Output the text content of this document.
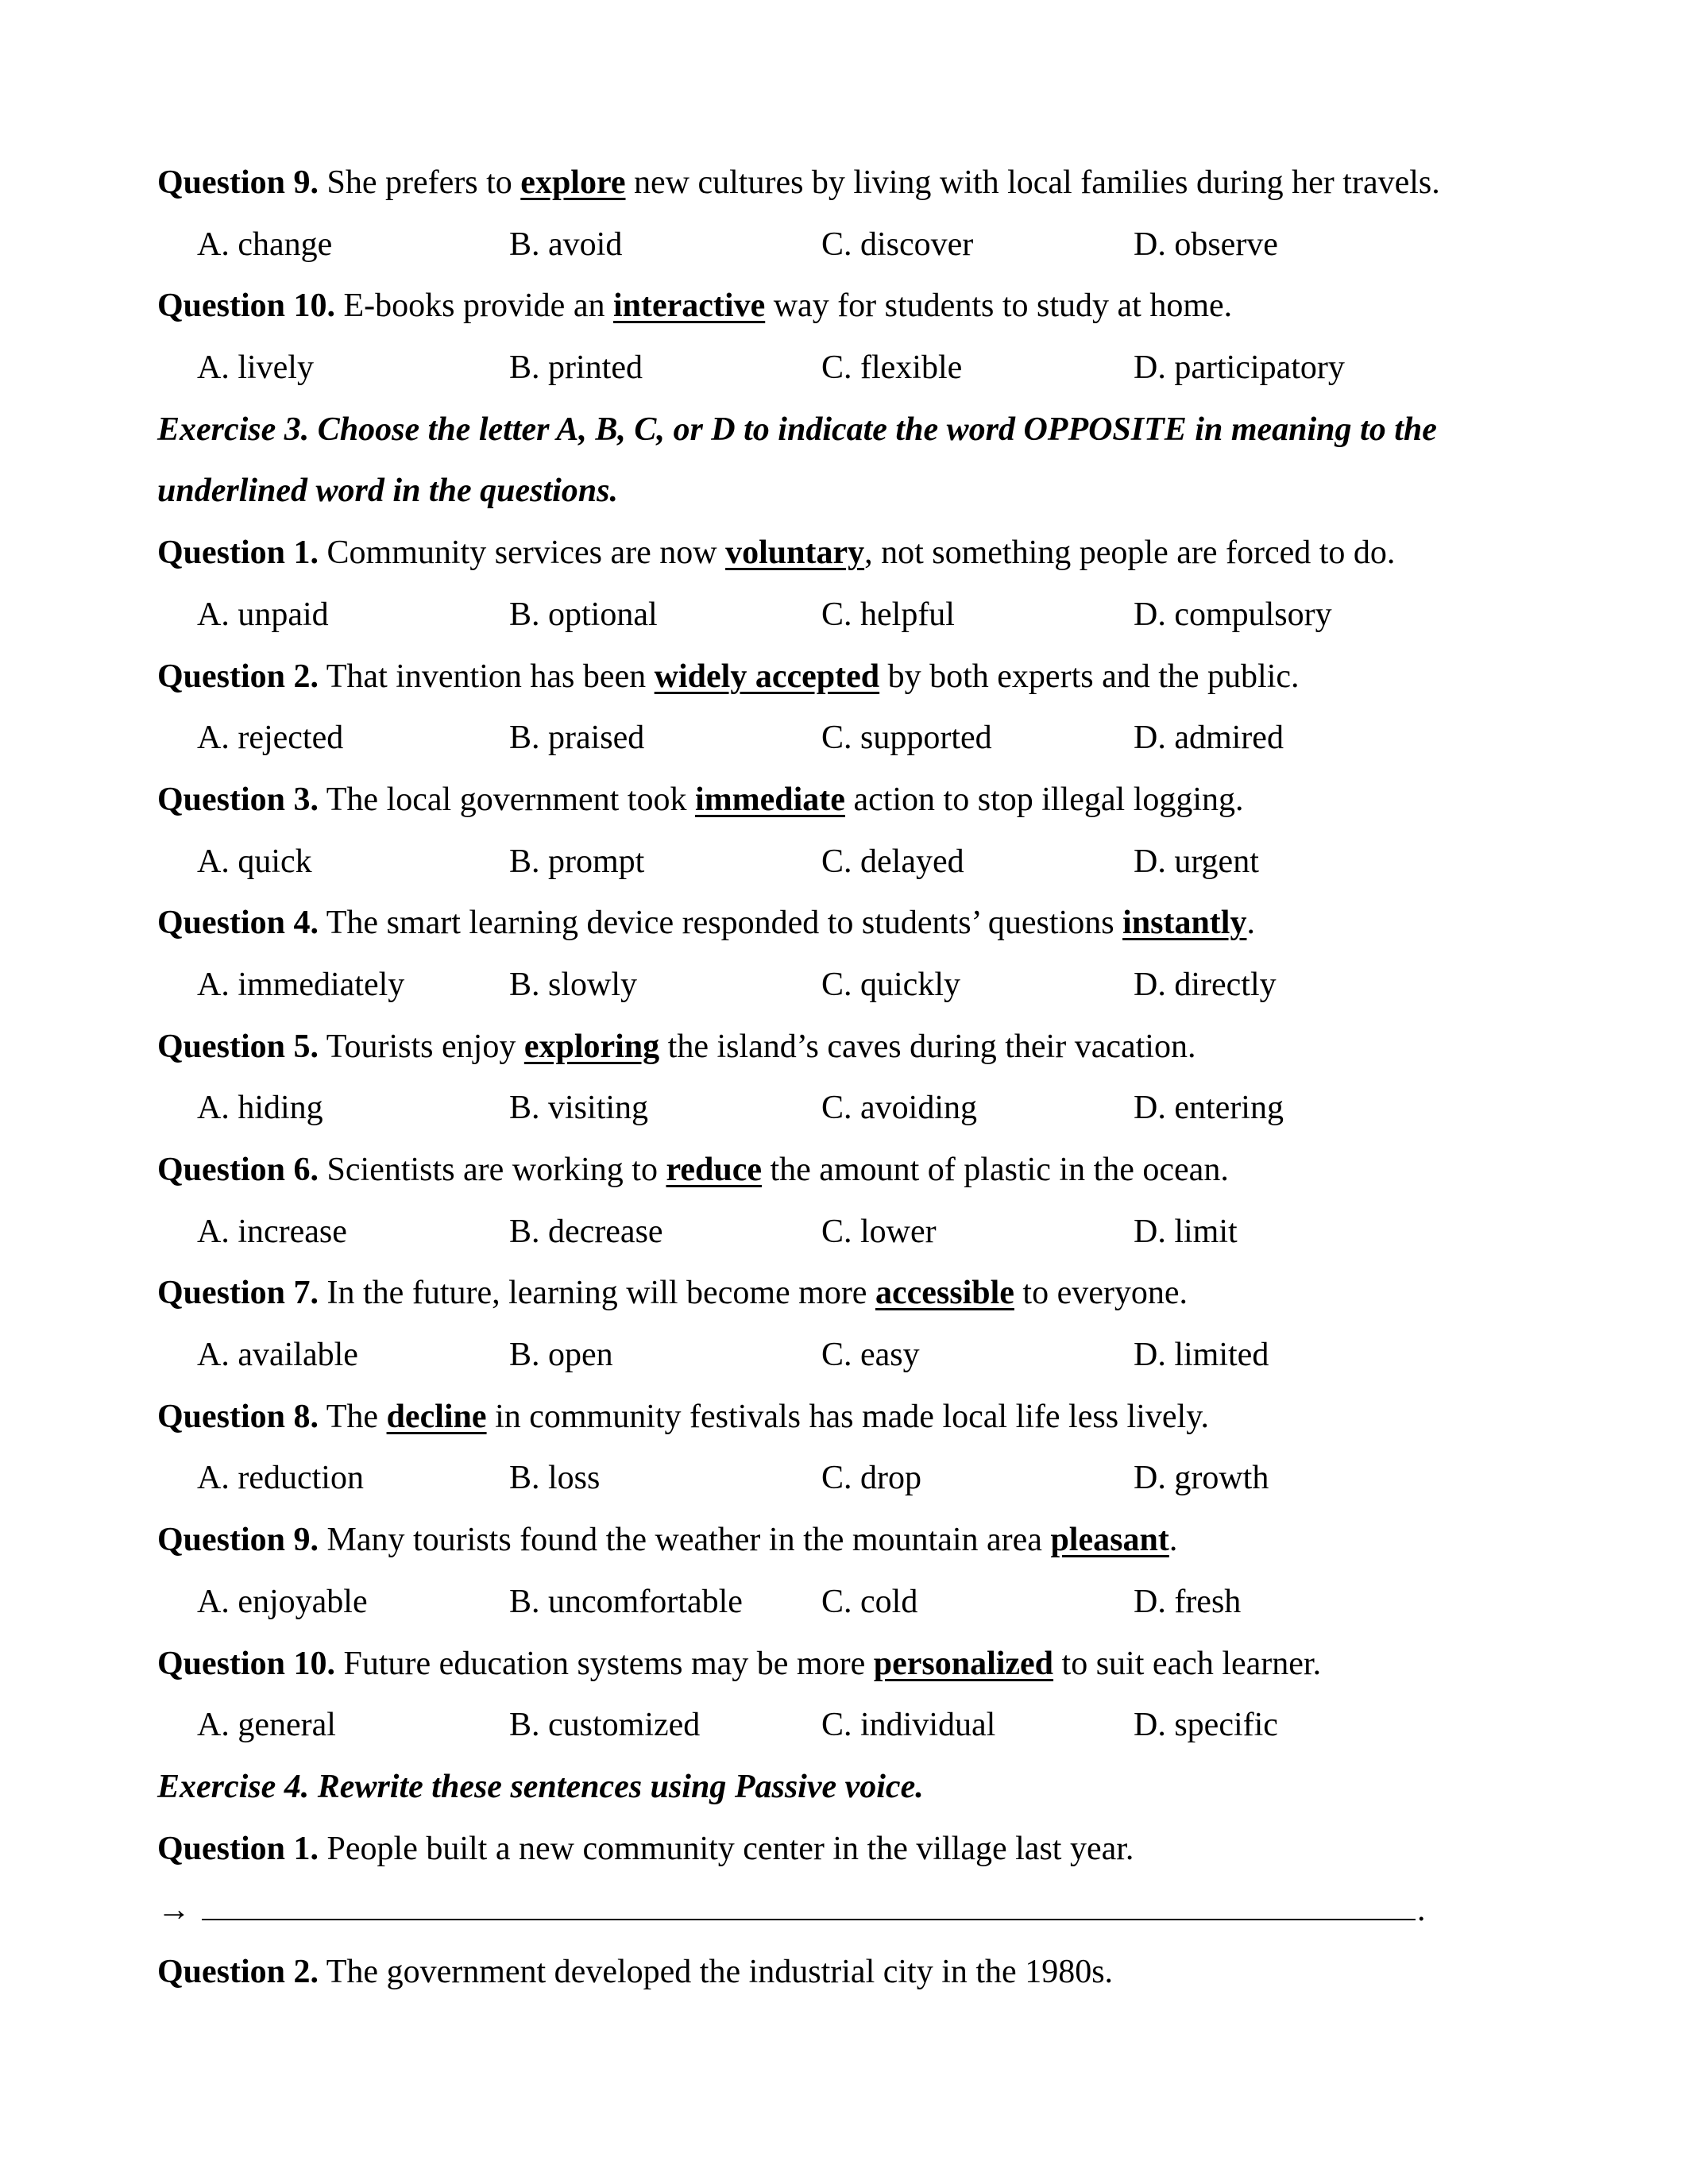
Question 9. She prefers to explore new cultures by living with local families during her travels.
A. change	B. avoid	C. discover	D. observe
Question 10. E-books provide an interactive way for students to study at home.
A. lively	B. printed	C. flexible	D. participatory
Exercise 3. Choose the letter A, B, C, or D to indicate the word OPPOSITE in meaning to the
underlined word in the questions.
Question 1. Community services are now voluntary, not something people are forced to do.
A. unpaid	B. optional	C. helpful	D. compulsory
Question 2. That invention has been widely accepted by both experts and the public.
A. rejected	B. praised	C. supported	D. admired
Question 3. The local government took immediate action to stop illegal logging.
A. quick	B. prompt	C. delayed	D. urgent
Question 4. The smart learning device responded to students’ questions instantly.
A. immediately	B. slowly	C. quickly	D. directly
Question 5. Tourists enjoy exploring the island’s caves during their vacation.
A. hiding	B. visiting	C. avoiding	D. entering
Question 6. Scientists are working to reduce the amount of plastic in the ocean.
A. increase	B. decrease	C. lower	D. limit
Question 7. In the future, learning will become more accessible to everyone.
A. available	B. open	C. easy	D. limited
Question 8. The decline in community festivals has made local life less lively.
A. reduction	B. loss	C. drop	D. growth
Question 9. Many tourists found the weather in the mountain area pleasant.
A. enjoyable	B. uncomfortable	C. cold	D. fresh
Question 10. Future education systems may be more personalized to suit each learner.
A. general	B. customized	C. individual	D. specific
Exercise 4. Rewrite these sentences using Passive voice.
Question 1. People built a new community center in the village last year.
→	.
Question 2. The government developed the industrial city in the 1980s.
